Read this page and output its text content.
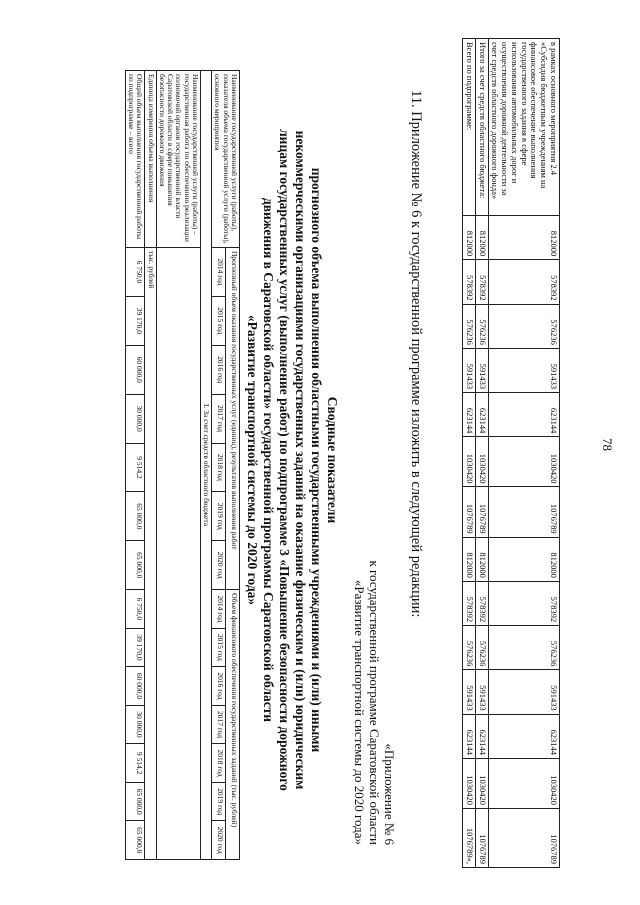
78
в рамках основного мероприятия 2.4 «Субсидия бюджетным учреждениям на финансовое обеспечение выполнения государственного задания в сфере использования автомобильных дорог и осуществления дорожной деятельности за счет средств областного дорожного фонда»	812000	578392	576236	591433	623144	1030420	1076789	812000	578392	576236	591433	623144	1030420	1076789
Итого за счет средств областного бюджета:	812000	578392	576236	591433	623144	1030420	1076789	812000	578392	576236	591433	623144	1030420	1076789
Всего по подпрограмме:	812000	578392	576236	591433	623144	1030420	1076789	812000	578392	576236	591433	623144	1030420	1076789»,
11. Приложение № 6 к государственной программе изложить в следующей редакции:
«Приложение № 6
к государственной программе Саратовской области
«Развитие транспортной системы до 2020 года»
Сводные показатели
прогнозного объема выполнения областными государственными учреждениями и (или) иными
некоммерческими организациями государственных заданий на оказание физическим и (или) юридическим
лицам государственных услуг (выполнение работ) по подпрограмме 3 «Повышение безопасности дорожного
движения в Саратовской области» государственной программы Саратовской области
«Развитие транспортной системы до 2020 года»
Наименование государственной услуги (работы), показателя объема государственной услуги (работы), основного мероприятия	Прогнозный объем оказания государственных услуг (единиц), результатов выполнения работ							Объем финансового обеспечения государственных заданий (тыс. рублей)						
	2014 год	2015 год	2016 год	2017 год	2018 год	2019 год	2020 год	2014 год	2015 год	2016 год	2017 год	2018 год	2019 год	2020 год
I. За счет средств областного бюджета														
Наименование государственной услуги (работы) – государственная работа по обеспечению реализации полномочий органов государственной власти Саратовской области в сфере повышения безопасности дорожного движения														
Единица измерения объема выполнения	тыс. рублей													
Общий объем выполнения государственной работы по подпрограмме – всего	6 750,0	39 170,0	60 000,0	30 000,0	9 514,2	65 000,0	65 000,0	6 750,0	39 170,0	60 000,0	30 000,0	9 514,2	65 000,0	65 000,0
